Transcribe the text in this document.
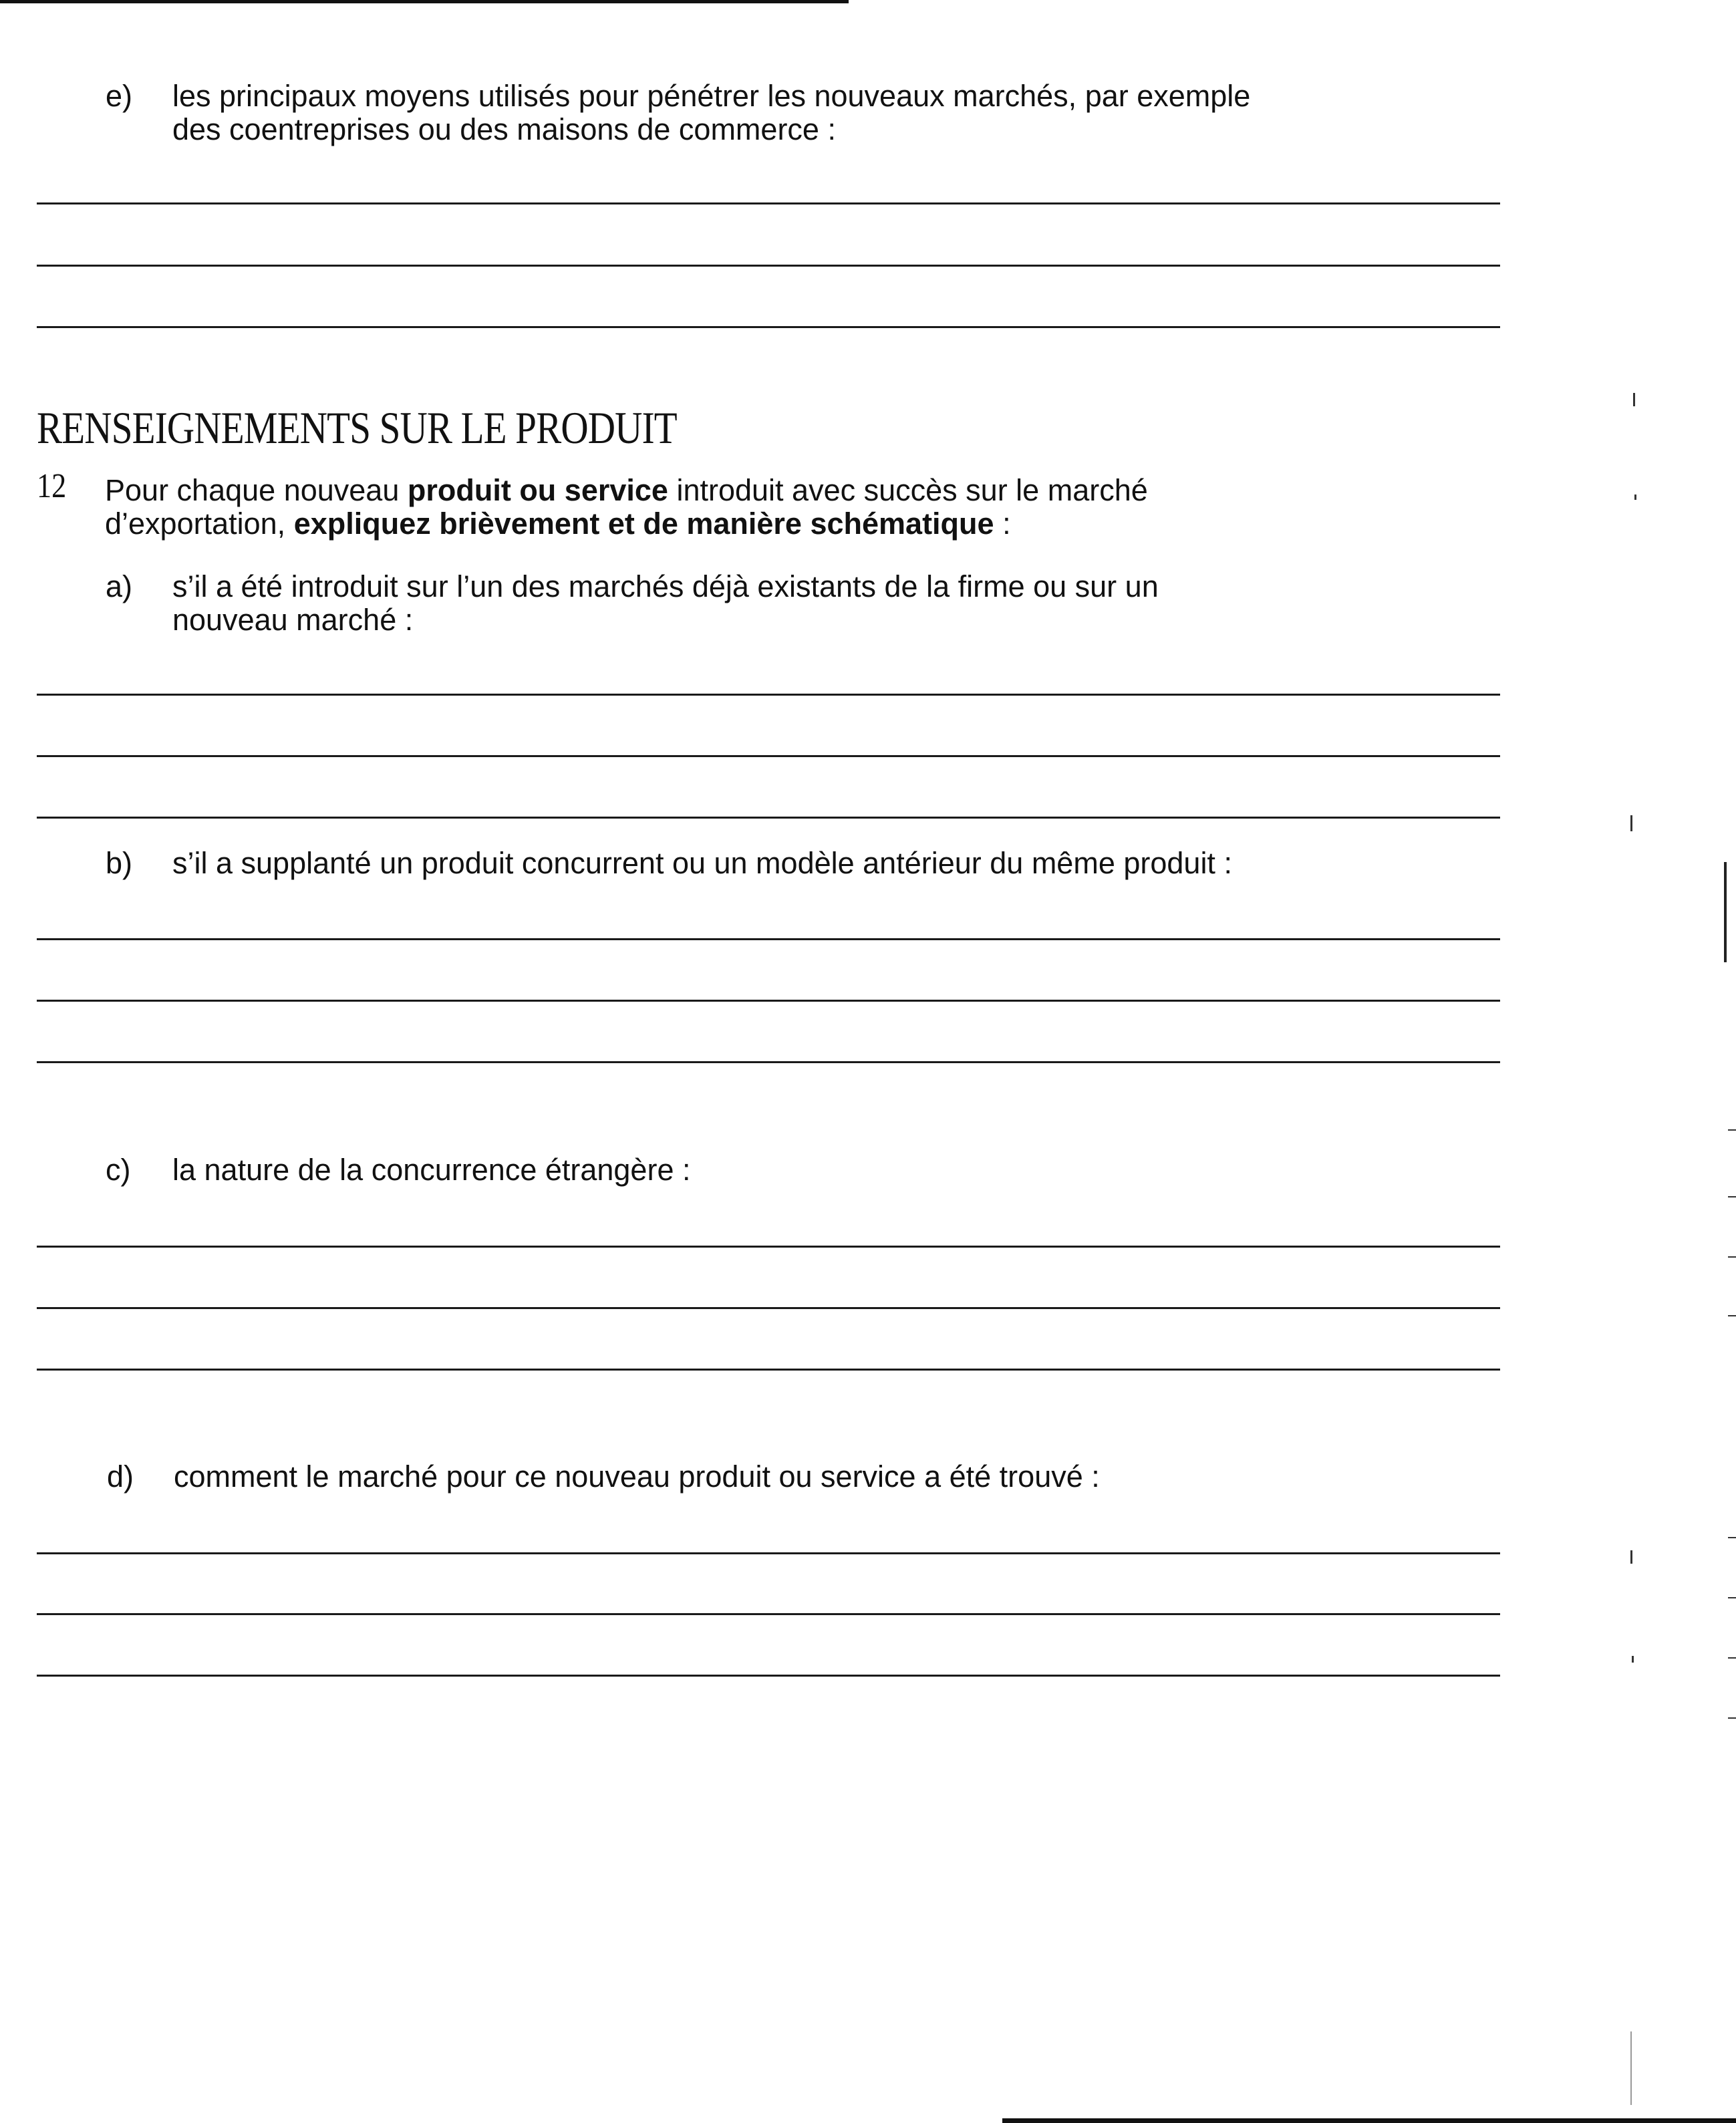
e) les principaux moyens utilisés pour pénétrer les nouveaux marchés, par exemple
des coentreprises ou des maisons de commerce :
RENSEIGNEMENTS SUR LE PRODUIT
12 Pour chaque nouveau produit ou service introduit avec succès sur le marché
d’exportation, expliquez brièvement et de manière schématique :
a) s’il a été introduit sur l’un des marchés déjà existants de la firme ou sur un
nouveau marché :
b) s’il a supplanté un produit concurrent ou un modèle antérieur du même produit :
c) la nature de la concurrence étrangère :
d) comment le marché pour ce nouveau produit ou service a été trouvé :
